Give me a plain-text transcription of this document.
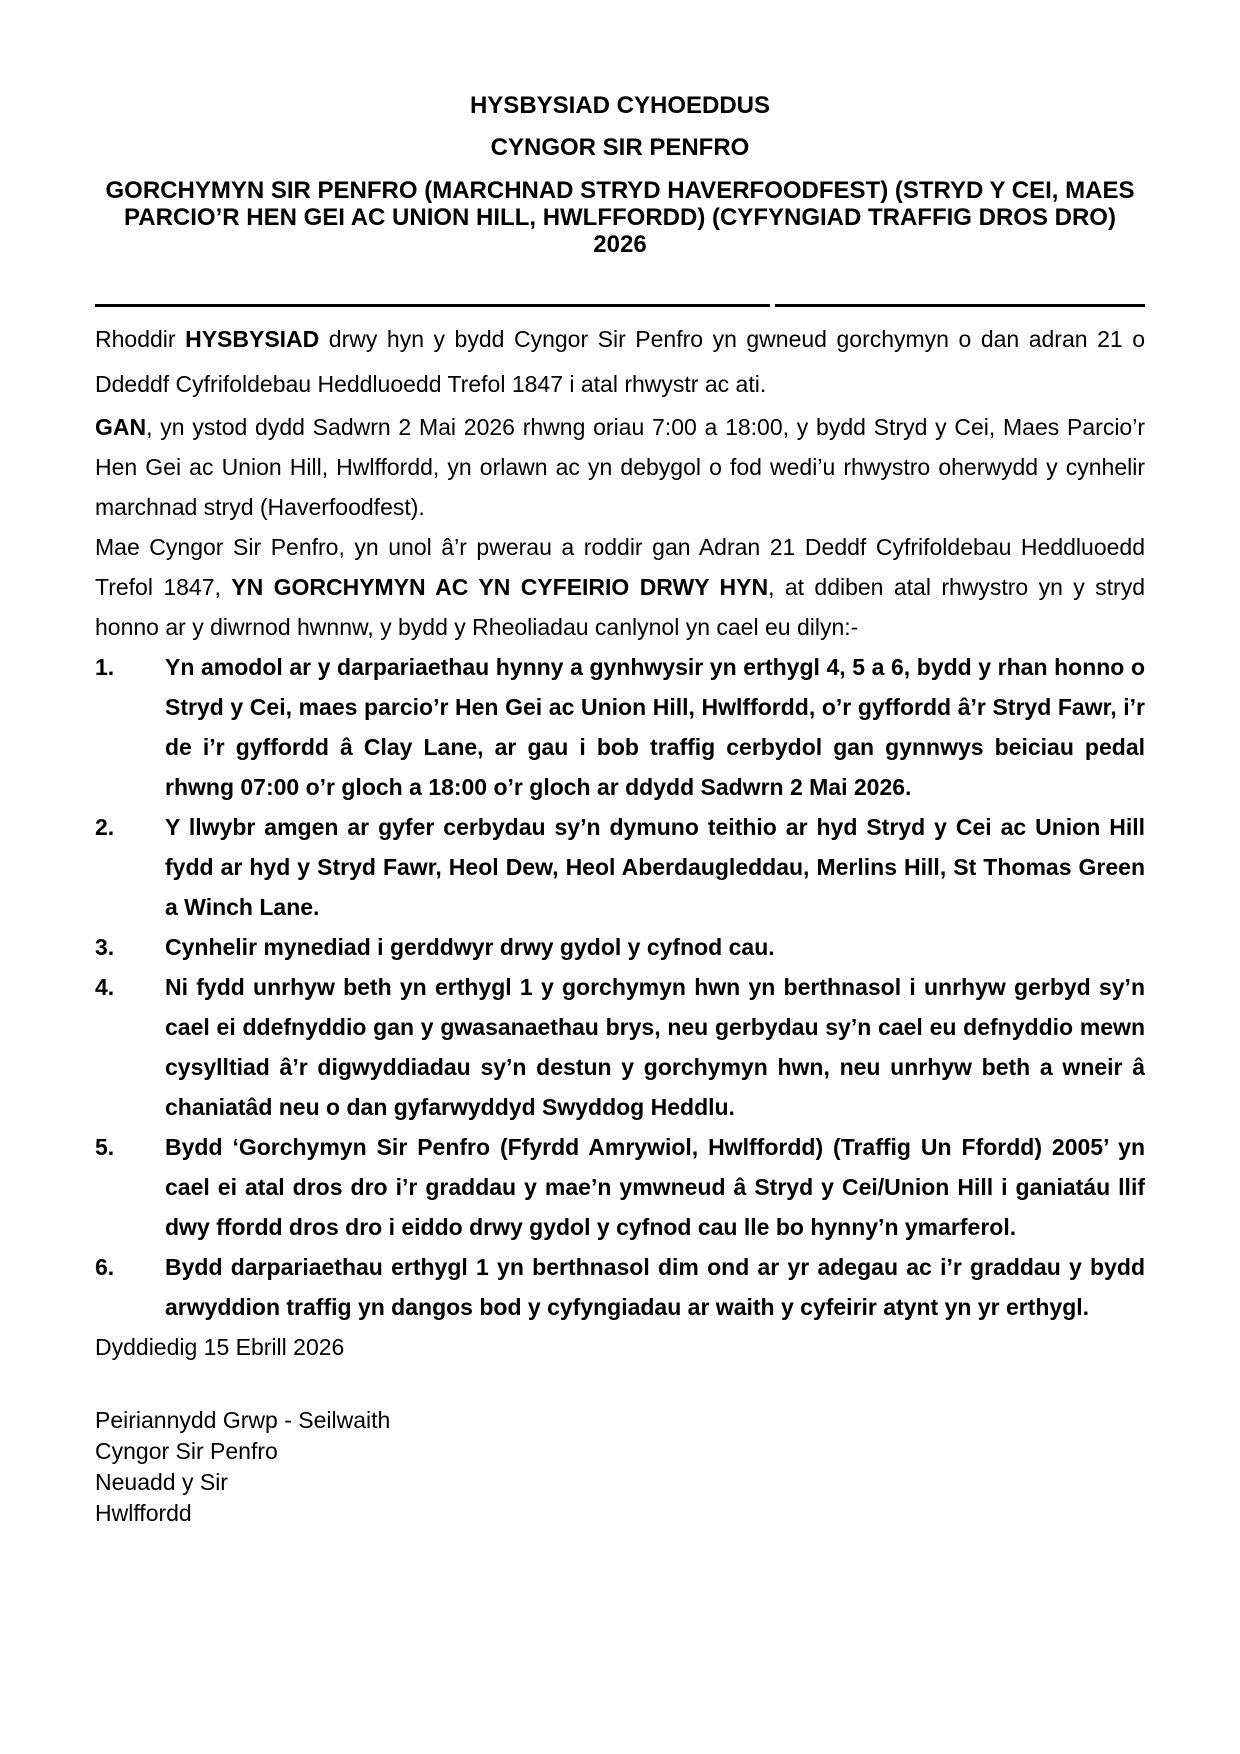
HYSBYSIAD CYHOEDDUS
CYNGOR SIR PENFRO
GORCHYMYN SIR PENFRO (MARCHNAD STRYD HAVERFOODFEST) (STRYD Y CEI, MAES PARCIO’R HEN GEI AC UNION HILL, HWLFFORDD) (CYFYNGIAD TRAFFIG DROS DRO) 2026

Rhoddir HYSBYSIAD drwy hyn y bydd Cyngor Sir Penfro yn gwneud gorchymyn o dan adran 21 o Ddeddf Cyfrifoldebau Heddluoedd Trefol 1847 i atal rhwystr ac ati.

GAN, yn ystod dydd Sadwrn 2 Mai 2026 rhwng oriau 7:00 a 18:00, y bydd Stryd y Cei, Maes Parcio’r Hen Gei ac Union Hill, Hwlffordd, yn orlawn ac yn debygol o fod wedi’u rhwystro oherwydd y cynhelir marchnad stryd (Haverfoodfest).

Mae Cyngor Sir Penfro, yn unol â’r pwerau a roddir gan Adran 21 Deddf Cyfrifoldebau Heddluoedd Trefol 1847, YN GORCHYMYN AC YN CYFEIRIO DRWY HYN, at ddiben atal rhwystro yn y stryd honno ar y diwrnod hwnnw, y bydd y Rheoliadau canlynol yn cael eu dilyn:-

1.	Yn amodol ar y darpariaethau hynny a gynhwysir yn erthygl 4, 5 a 6, bydd y rhan honno o Stryd y Cei, maes parcio’r Hen Gei ac Union Hill, Hwlffordd, o’r gyffordd â’r Stryd Fawr, i’r de i’r gyffordd â Clay Lane, ar gau i bob traffig cerbydol gan gynnwys beiciau pedal rhwng 07:00 o’r gloch a 18:00 o’r gloch ar ddydd Sadwrn 2 Mai 2026.
2.	Y llwybr amgen ar gyfer cerbydau sy’n dymuno teithio ar hyd Stryd y Cei ac Union Hill fydd ar hyd y Stryd Fawr, Heol Dew, Heol Aberdaugleddau, Merlins Hill, St Thomas Green a Winch Lane.
3.	Cynhelir mynediad i gerddwyr drwy gydol y cyfnod cau.
4.	Ni fydd unrhyw beth yn erthygl 1 y gorchymyn hwn yn berthnasol i unrhyw gerbyd sy’n cael ei ddefnyddio gan y gwasanaethau brys, neu gerbydau sy’n cael eu defnyddio mewn cysylltiad â’r digwyddiadau sy’n destun y gorchymyn hwn, neu unrhyw beth a wneir â chaniatâd neu o dan gyfarwyddyd Swyddog Heddlu.
5.	Bydd ‘Gorchymyn Sir Penfro (Ffyrdd Amrywiol, Hwlffordd) (Traffig Un Ffordd) 2005’ yn cael ei atal dros dro i’r graddau y mae’n ymwneud â Stryd y Cei/Union Hill i ganiatáu llif dwy ffordd dros dro i eiddo drwy gydol y cyfnod cau lle bo hynny’n ymarferol.
6.	Bydd darpariaethau erthygl 1 yn berthnasol dim ond ar yr adegau ac i’r graddau y bydd arwyddion traffig yn dangos bod y cyfyngiadau ar waith y cyfeirir atynt yn yr erthygl.
Dyddiedig 15 Ebrill 2026
Peiriannydd Grwp - Seilwaith
Cyngor Sir Penfro
Neuadd y Sir
Hwlffordd
